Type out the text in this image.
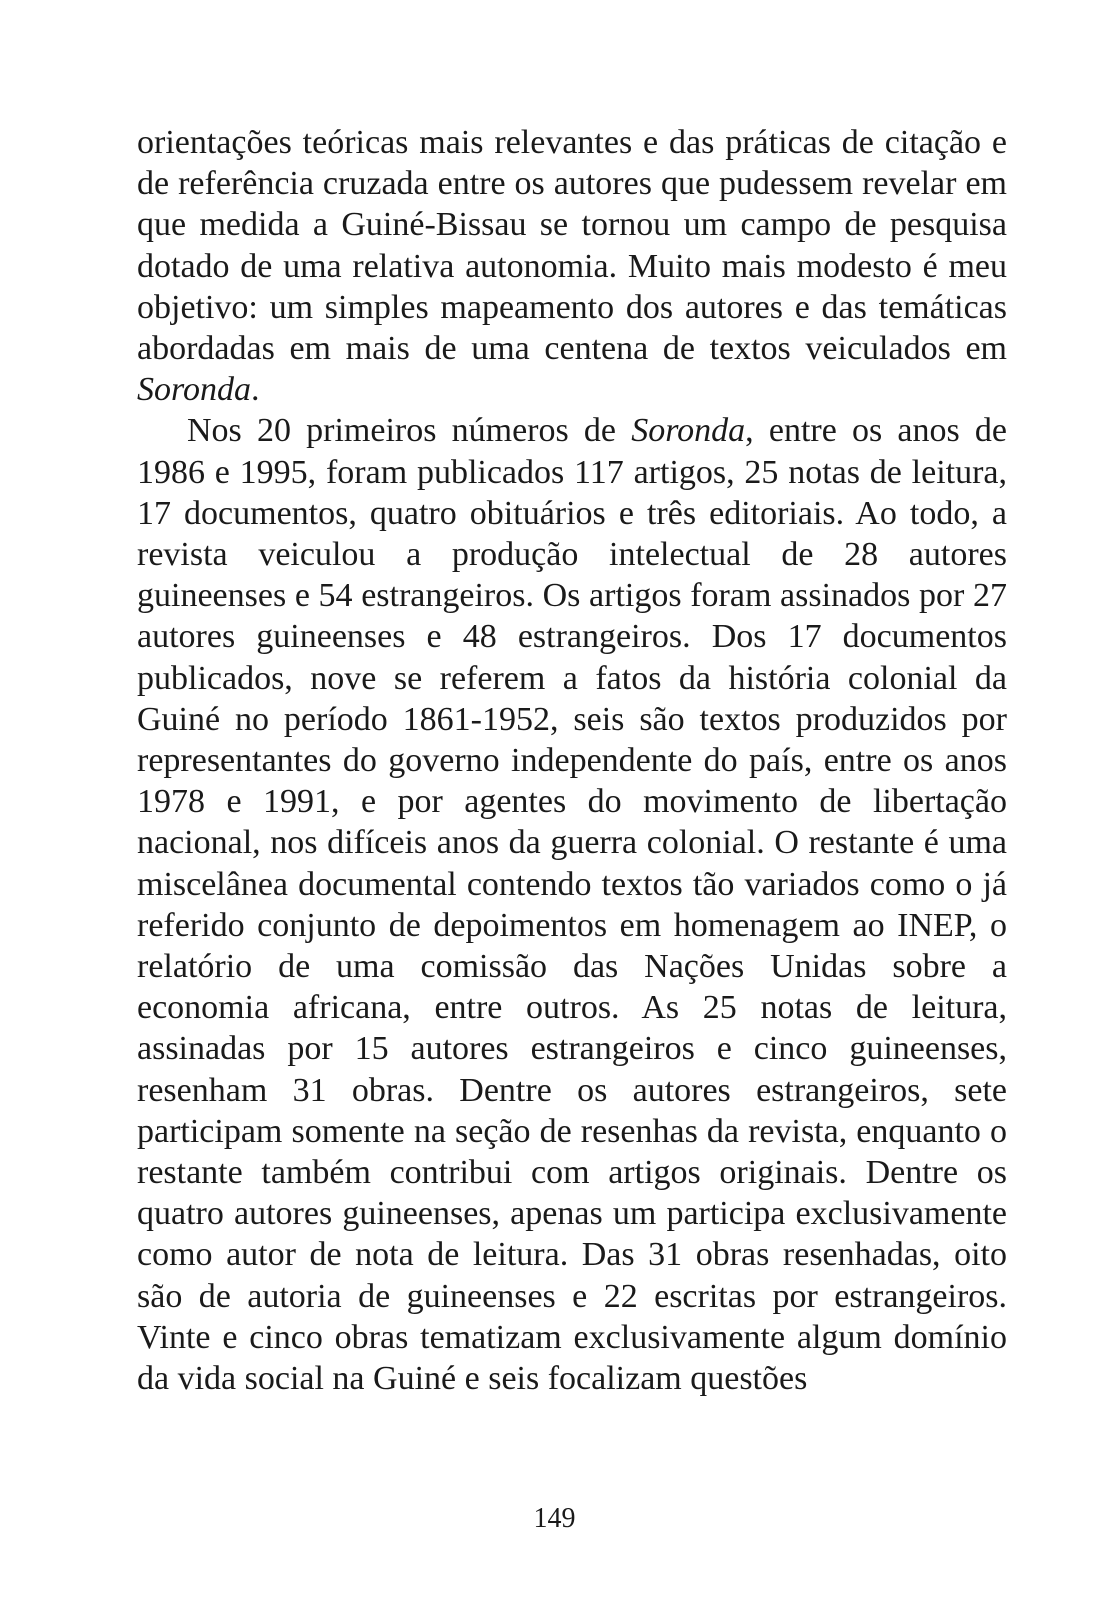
orientações teóricas mais relevantes e das práticas de citação e de referência cruzada entre os autores que pudessem revelar em que medida a Guiné-Bissau se tornou um campo de pesquisa dotado de uma relativa autonomia. Muito mais modesto é meu objetivo: um simples mapeamento dos autores e das temáticas abordadas em mais de uma centena de textos veiculados em Soronda.

Nos 20 primeiros números de Soronda, entre os anos de 1986 e 1995, foram publicados 117 artigos, 25 notas de leitura, 17 documentos, quatro obituários e três editoriais. Ao todo, a revista veiculou a produção intelectual de 28 autores guineenses e 54 estrangeiros. Os artigos foram assinados por 27 autores guineenses e 48 estrangeiros. Dos 17 documentos publicados, nove se referem a fatos da história colonial da Guiné no período 1861-1952, seis são textos produzidos por representantes do governo independente do país, entre os anos 1978 e 1991, e por agentes do movimento de libertação nacional, nos difíceis anos da guerra colonial. O restante é uma miscelânea documental contendo textos tão variados como o já referido conjunto de depoimentos em homenagem ao INEP, o relatório de uma comissão das Nações Unidas sobre a economia africana, entre outros. As 25 notas de leitura, assinadas por 15 autores estrangeiros e cinco guineenses, resenham 31 obras. Dentre os autores estrangeiros, sete participam somente na seção de resenhas da revista, enquanto o restante também contribui com artigos originais. Dentre os quatro autores guineenses, apenas um participa exclusivamente como autor de nota de leitura. Das 31 obras resenhadas, oito são de autoria de guineenses e 22 escritas por estrangeiros. Vinte e cinco obras tematizam exclusivamente algum domínio da vida social na Guiné e seis focalizam questões

149
